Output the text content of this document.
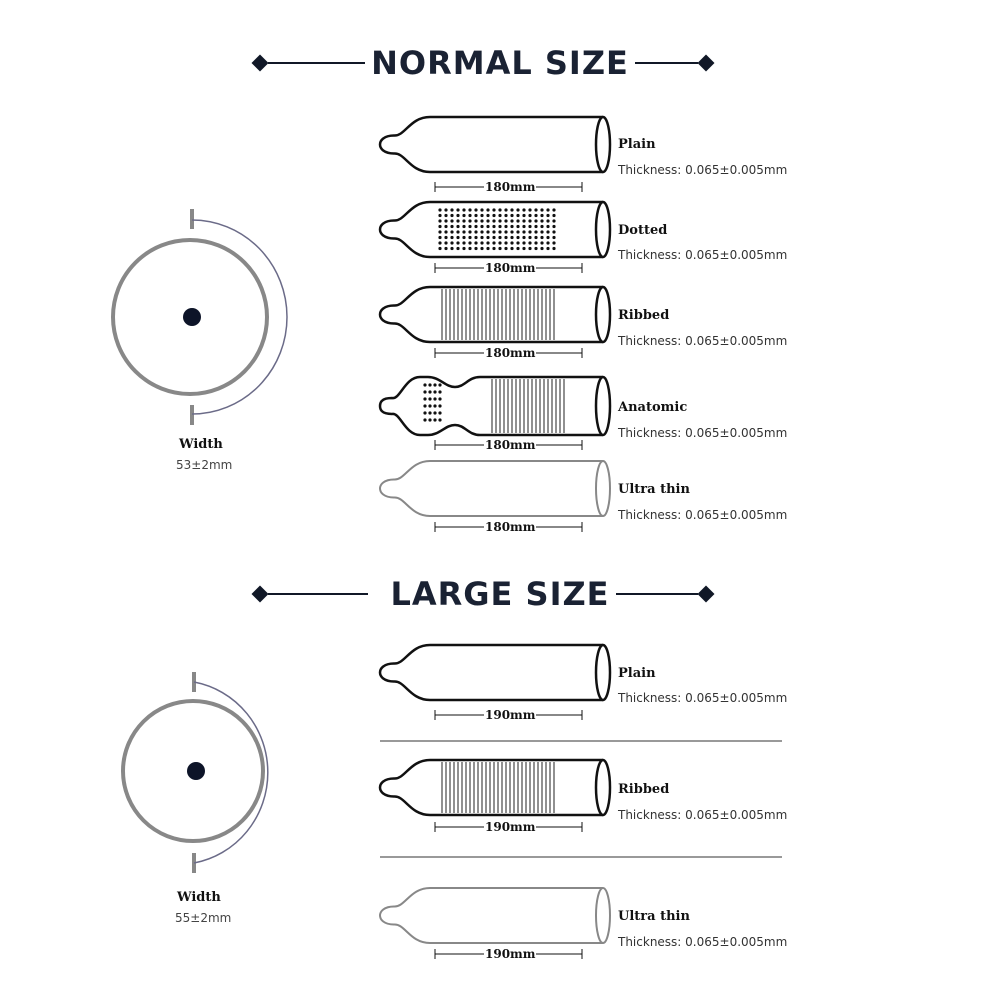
NORMAL SIZE
LARGE SIZE
Width
53±2mm
Width
55±2mm
Plain
Thickness: 0.065±0.005mm
180mm
Dotted
Thickness: 0.065±0.005mm
180mm
Ribbed
Thickness: 0.065±0.005mm
180mm
Anatomic
Thickness: 0.065±0.005mm
180mm
Ultra thin
Thickness: 0.065±0.005mm
180mm
Plain
Thickness: 0.065±0.005mm
190mm
Ribbed
Thickness: 0.065±0.005mm
190mm
Ultra thin
Thickness: 0.065±0.005mm
190mm
